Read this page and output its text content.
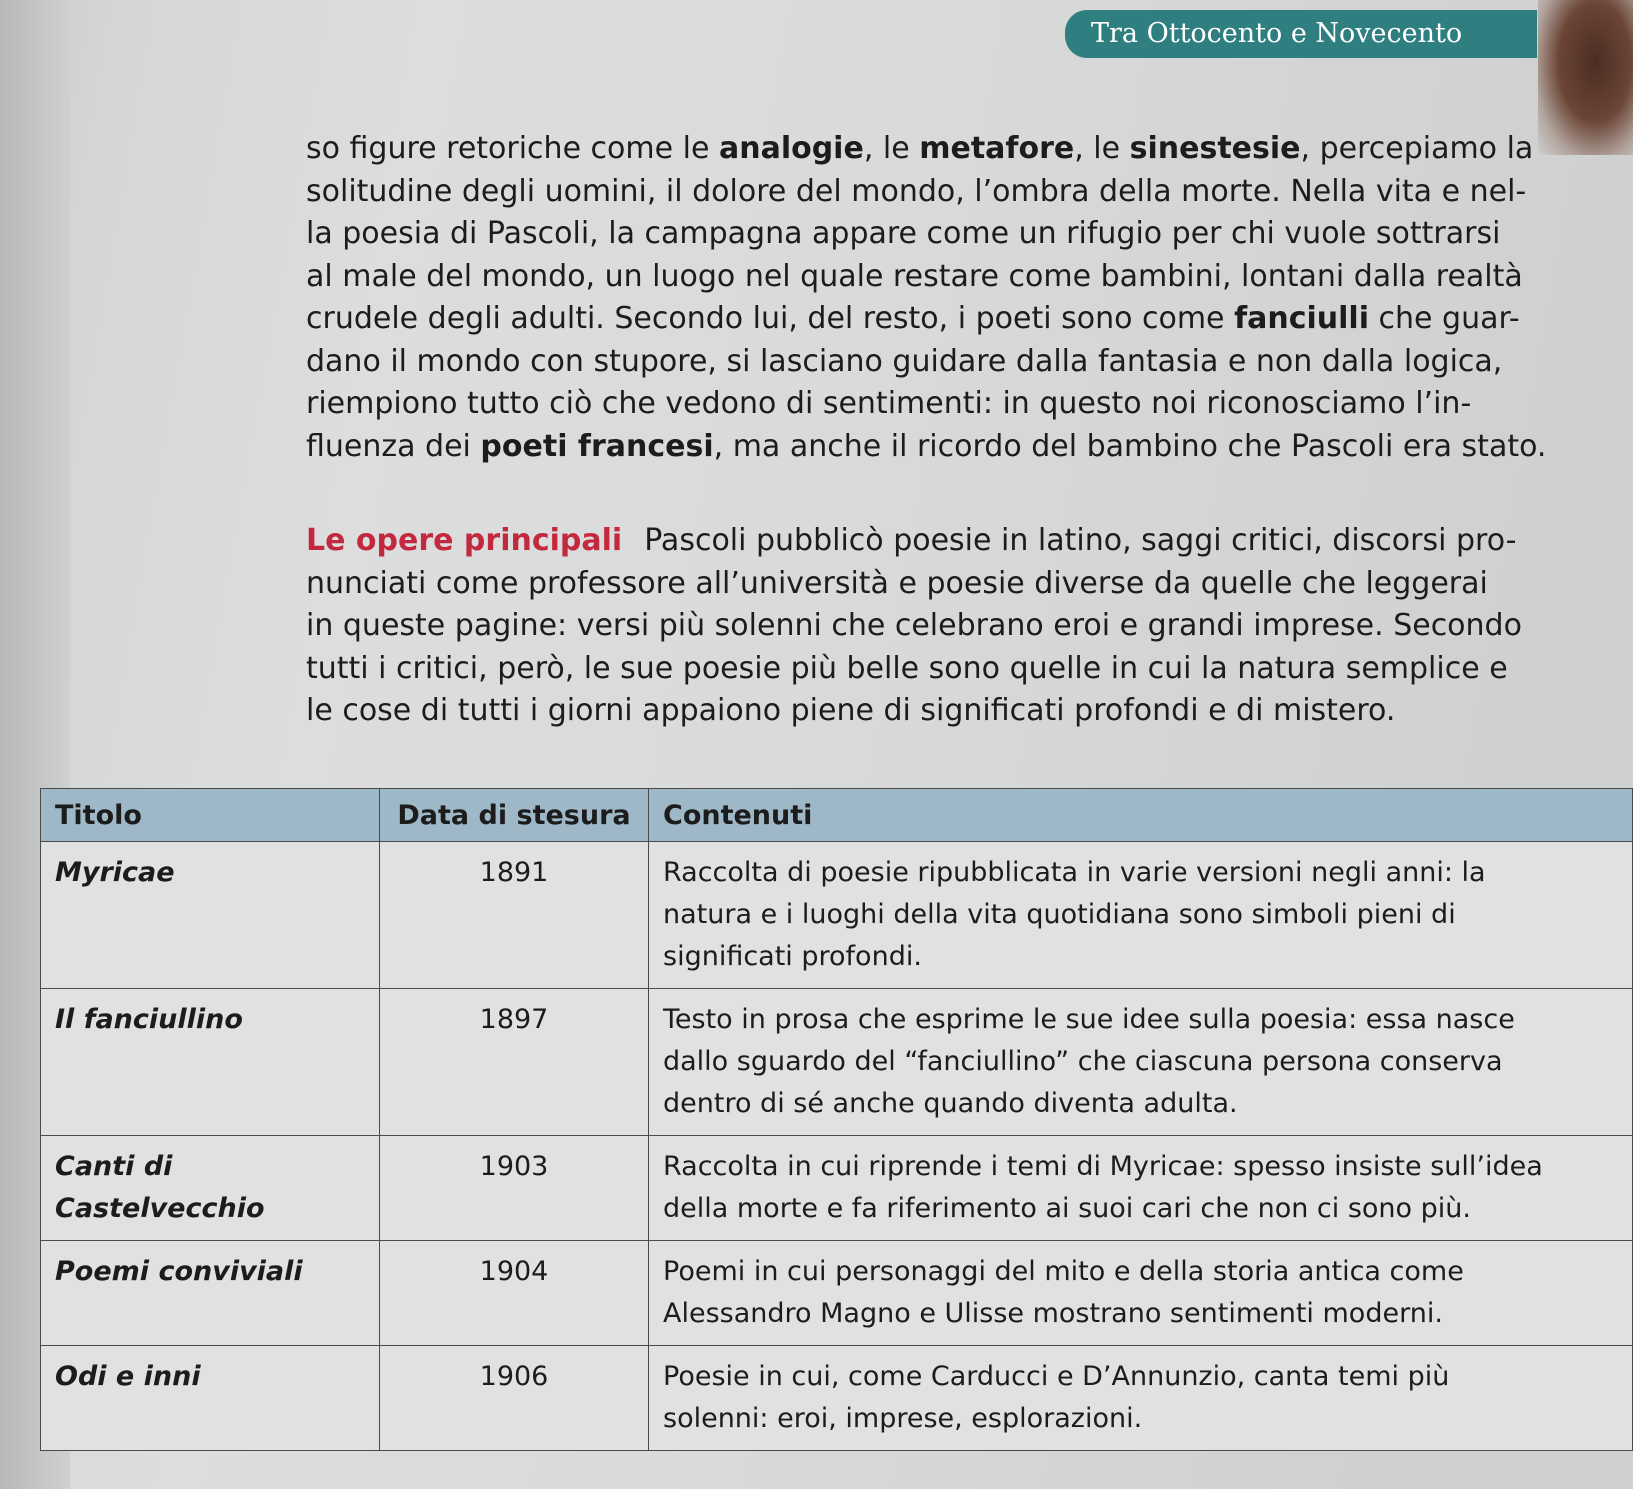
Tra Ottocento e Novecento
so figure retoriche come le analogie, le metafore, le sinestesie, percepiamo la
solitudine degli uomini, il dolore del mondo, l’ombra della morte. Nella vita e nel-
la poesia di Pascoli, la campagna appare come un rifugio per chi vuole sottrarsi
al male del mondo, un luogo nel quale restare come bambini, lontani dalla realtà
crudele degli adulti. Secondo lui, del resto, i poeti sono come fanciulli che guar-
dano il mondo con stupore, si lasciano guidare dalla fantasia e non dalla logica,
riempiono tutto ciò che vedono di sentimenti: in questo noi riconosciamo l’in-
fluenza dei poeti francesi, ma anche il ricordo del bambino che Pascoli era stato.
Le opere principali Pascoli pubblicò poesie in latino, saggi critici, discorsi pro-
nunciati come professore all’università e poesie diverse da quelle che leggerai
in queste pagine: versi più solenni che celebrano eroi e grandi imprese. Secondo
tutti i critici, però, le sue poesie più belle sono quelle in cui la natura semplice e
le cose di tutti i giorni appaiono piene di significati profondi e di mistero.
Titolo	Data di stesura	Contenuti
Myricae	1891	Raccolta di poesie ripubblicata in varie versioni negli anni: la
natura e i luoghi della vita quotidiana sono simboli pieni di
significati profondi.

Il fanciullino	1897	Testo in prosa che esprime le sue idee sulla poesia: essa nasce
dallo sguardo del “fanciullino” che ciascuna persona conserva
dentro di sé anche quando diventa adulta.

Canti di Castelvecchio	1903	Raccolta in cui riprende i temi di Myricae: spesso insiste sull’idea
della morte e fa riferimento ai suoi cari che non ci sono più.

Poemi conviviali	1904	Poemi in cui personaggi del mito e della storia antica come
Alessandro Magno e Ulisse mostrano sentimenti moderni.

Odi e inni	1906	Poesie in cui, come Carducci e D’Annunzio, canta temi più
solenni: eroi, imprese, esplorazioni.
